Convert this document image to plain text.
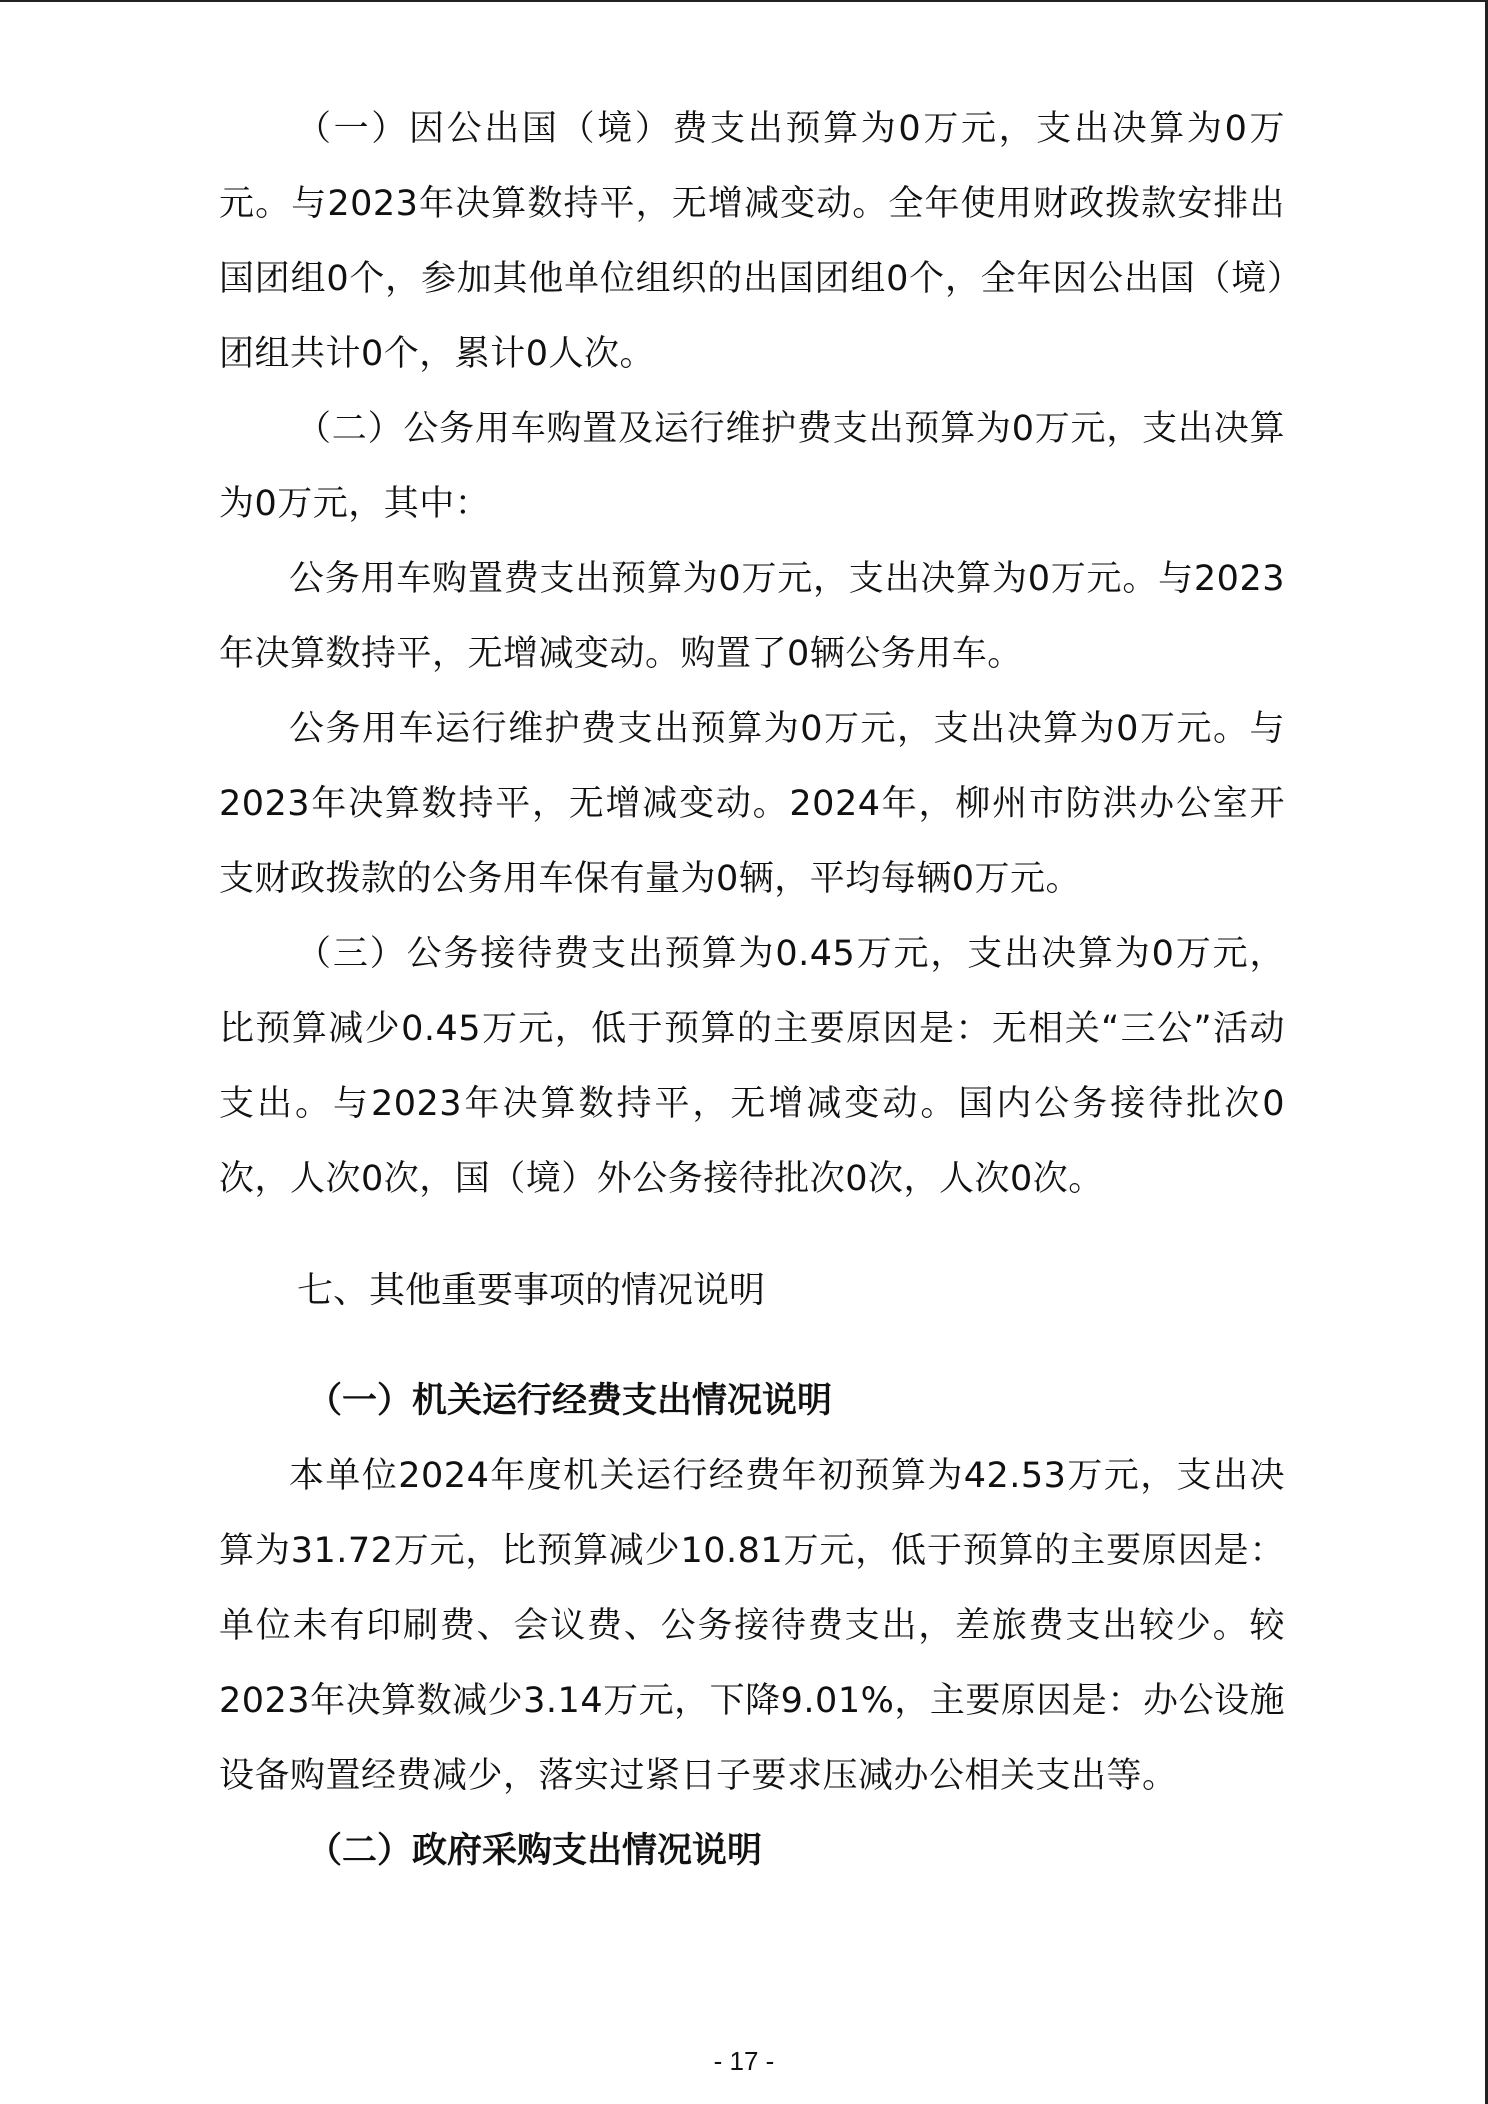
（一）因公出国（境）费支出预算为0万元，支出决算为0万元。与2023年决算数持平，无增减变动。全年使用财政拨款安排出国团组0个，参加其他单位组织的出国团组0个，全年因公出国（境）团组共计0个，累计0人次。

（二）公务用车购置及运行维护费支出预算为0万元，支出决算为0万元，其中：

公务用车购置费支出预算为0万元，支出决算为0万元。与2023年决算数持平，无增减变动。购置了0辆公务用车。

公务用车运行维护费支出预算为0万元，支出决算为0万元。与2023年决算数持平，无增减变动。2024年，柳州市防洪办公室开支财政拨款的公务用车保有量为0辆，平均每辆0万元。

（三）公务接待费支出预算为0.45万元，支出决算为0万元，比预算减少0.45万元，低于预算的主要原因是：无相关“三公”活动支出。与2023年决算数持平，无增减变动。国内公务接待批次0次，人次0次，国（境）外公务接待批次0次，人次0次。

七、其他重要事项的情况说明
（一）机关运行经费支出情况说明

本单位2024年度机关运行经费年初预算为42.53万元，支出决算为31.72万元，比预算减少10.81万元，低于预算的主要原因是：单位未有印刷费、会议费、公务接待费支出，差旅费支出较少。较2023年决算数减少3.14万元，下降9.01%，主要原因是：办公设施设备购置经费减少，落实过紧日子要求压减办公相关支出等。

（二）政府采购支出情况说明
- 17 -
